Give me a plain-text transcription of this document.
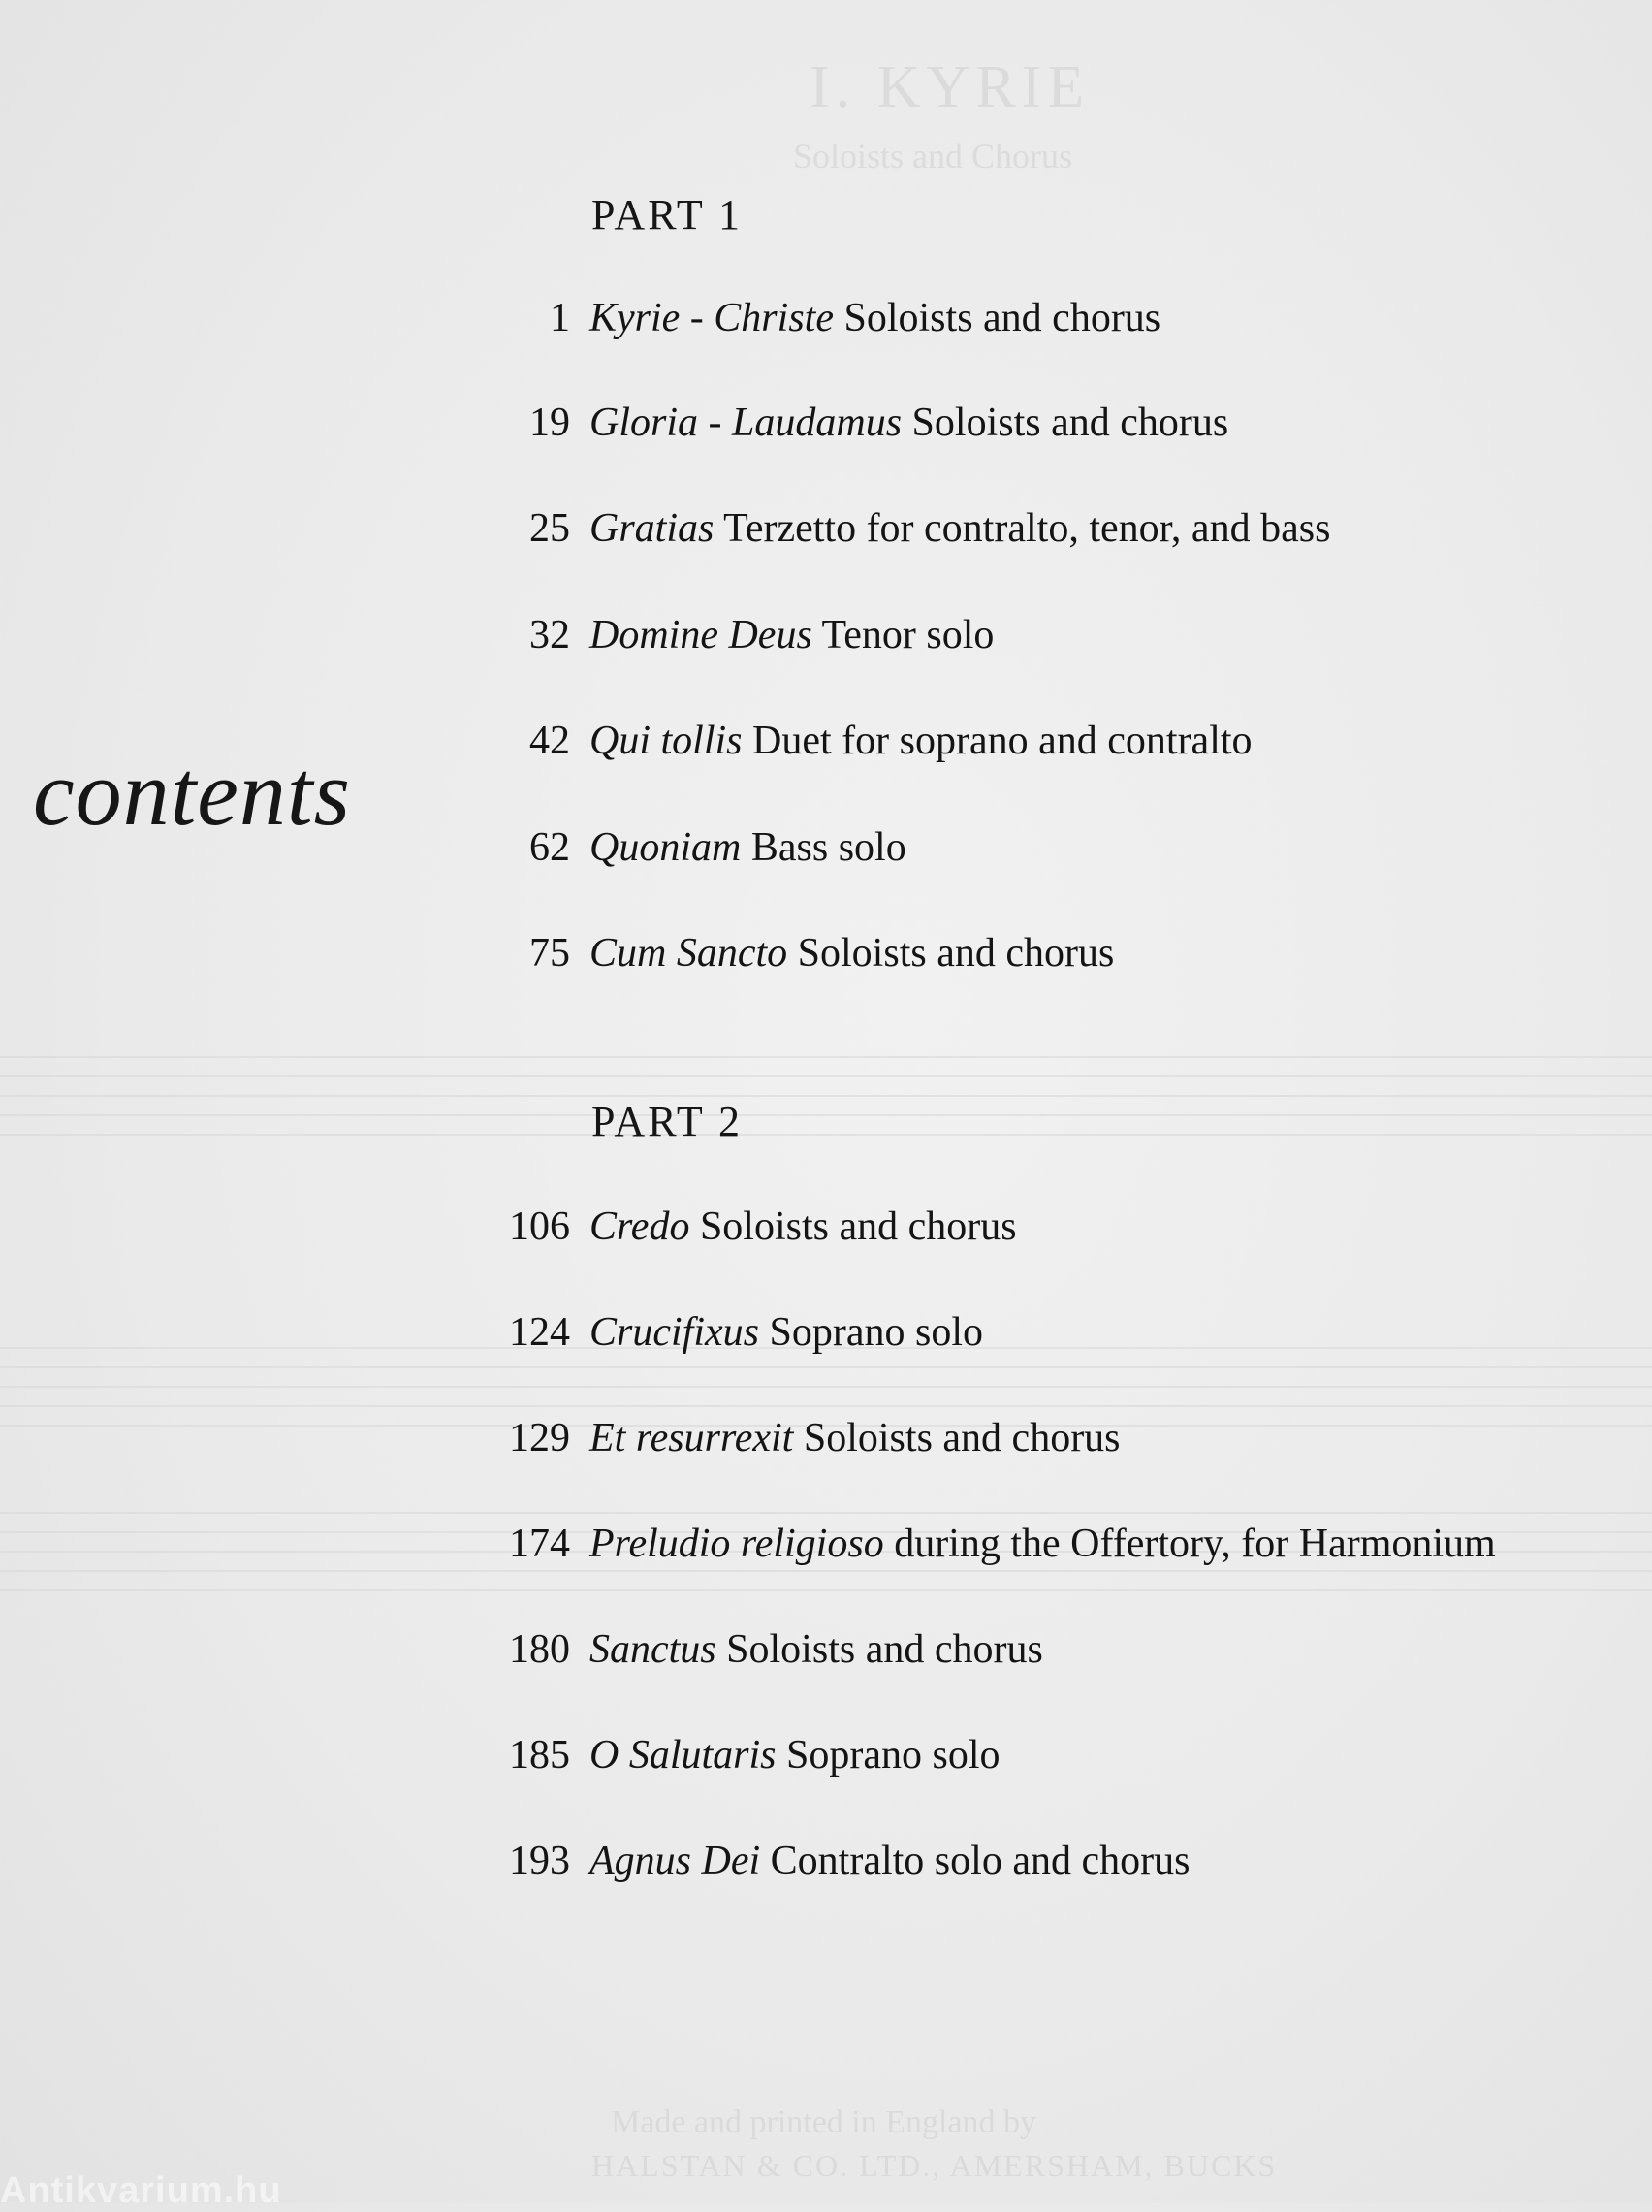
I. KYRIE
Soloists and Chorus
Made and printed in England by
HALSTAN & CO. LTD., AMERSHAM, BUCKS
contents
PART 1
1 Kyrie - Christe Soloists and chorus
19 Gloria - Laudamus Soloists and chorus
25 Gratias Terzetto for contralto, tenor, and bass
32 Domine Deus Tenor solo
42 Qui tollis Duet for soprano and contralto
62 Quoniam Bass solo
75 Cum Sancto Soloists and chorus
PART 2
106 Credo Soloists and chorus
124 Crucifixus Soprano solo
129 Et resurrexit Soloists and chorus
174 Preludio religioso during the Offertory, for Harmonium
180 Sanctus Soloists and chorus
185 O Salutaris Soprano solo
193 Agnus Dei Contralto solo and chorus
Antikvarium.hu
